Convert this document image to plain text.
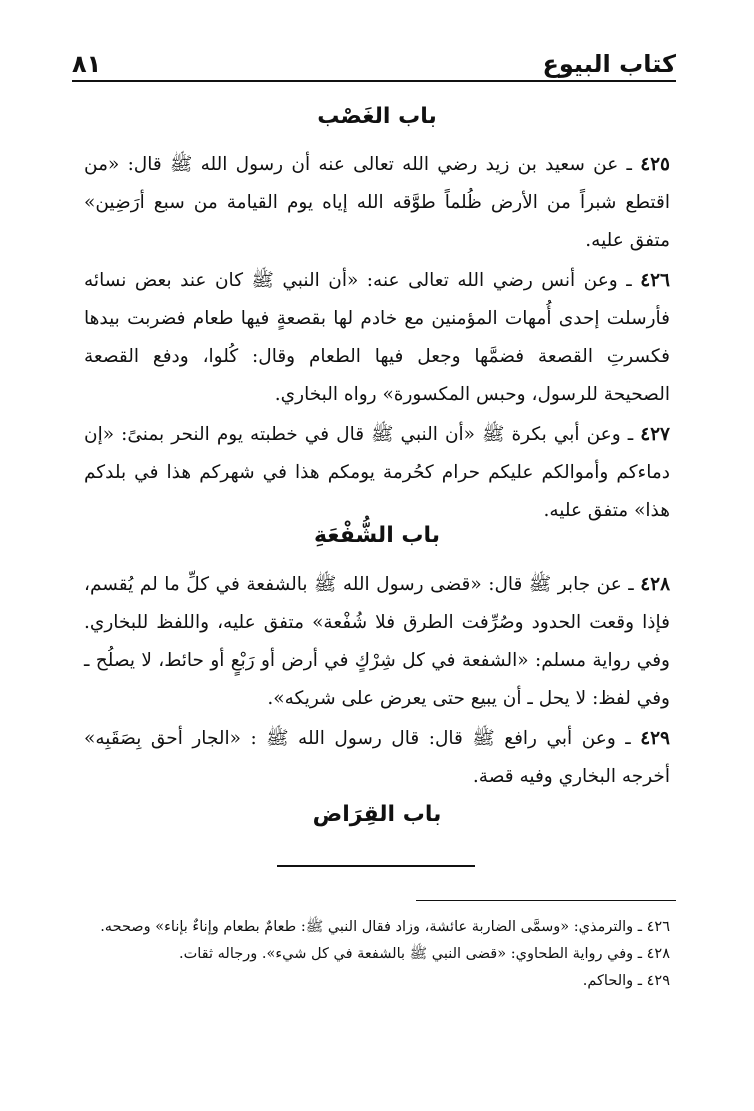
كتاب البيوع
٨١
باب الغَصْب

٤٢٥ ـ عن سعيد بن زيد رضي الله تعالى عنه أن رسول الله ﷺ قال: «من اقتطع شبراً من الأرض ظُلماً طوَّقه الله إياه يوم القيامة من سبع أرَضِين» متفق عليه.

٤٢٦ ـ وعن أنس رضي الله تعالى عنه: «أن النبي ﷺ كان عند بعض نسائه فأرسلت إحدى أُمهات المؤمنين مع خادم لها بقصعةٍ فيها طعام فضربت بيدها فكسرتِ القصعة فضمَّها وجعل فيها الطعام وقال: كُلوا، ودفع القصعة الصحيحة للرسول، وحبس المكسورة» رواه البخاري.

٤٢٧ ـ وعن أبي بكرة ﷺ «أن النبي ﷺ قال في خطبته يوم النحر بمنىً: «إن دماءكم وأموالكم عليكم حرام كحُرمة يومكم هذا في شهركم هذا في بلدكم هذا» متفق عليه.

باب الشُّفْعَةِ

٤٢٨ ـ عن جابر ﷺ قال: «قضى رسول الله ﷺ بالشفعة في كلِّ ما لم يُقسم، فإذا وقعت الحدود وصُرِّفت الطرق فلا شُفْعة» متفق عليه، واللفظ للبخاري. وفي رواية مسلم: «الشفعة في كل شِرْكٍ في أرض أو رَبْعٍ أو حائط، لا يصلُح ـ وفي لفظ: لا يحل ـ أن يبيع حتى يعرض على شريكه».

٤٢٩ ـ وعن أبي رافع ﷺ قال: قال رسول الله ﷺ : «الجار أحق بِصَقَبِه» أخرجه البخاري وفيه قصة.

باب القِرَاض

٤٢٦ ـ والترمذي: «وسمَّى الضاربة عائشة، وزاد فقال النبي ﷺ: طعامٌ بطعام وإناءٌ بإناء» وصححه.

٤٢٨ ـ وفي رواية الطحاوي: «قضى النبي ﷺ بالشفعة في كل شيء». ورجاله ثقات.

٤٢٩ ـ والحاكم.
